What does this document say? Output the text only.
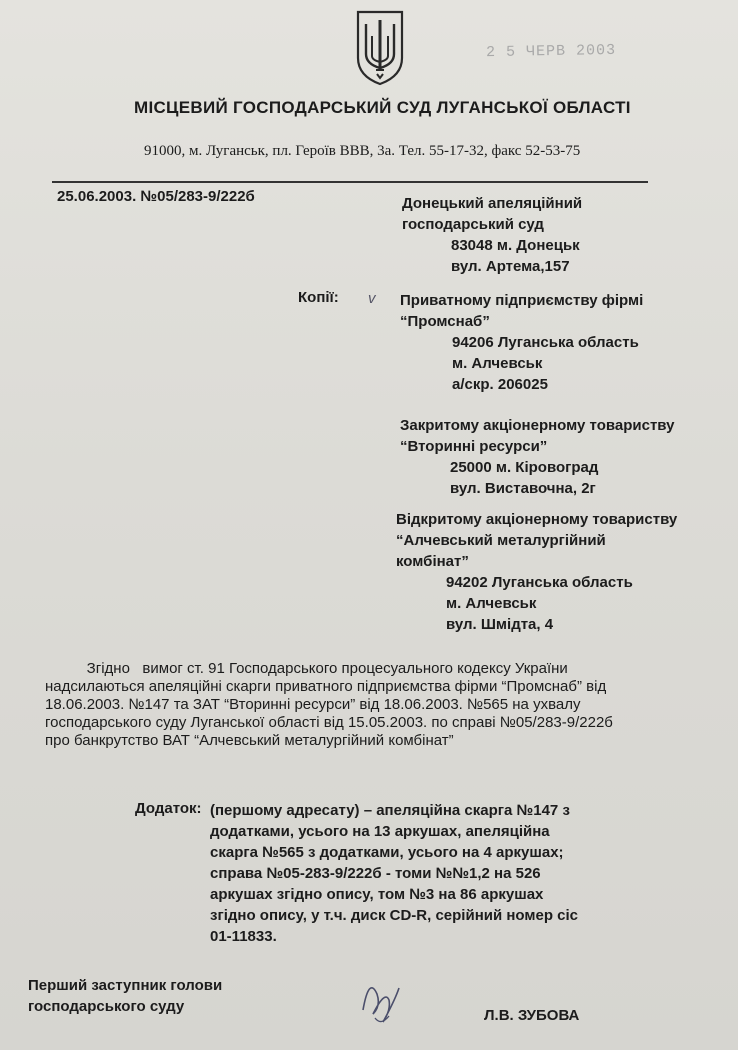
2 5 ЧЕРВ 2003
МІСЦЕВИЙ ГОСПОДАРСЬКИЙ СУД ЛУГАНСЬКОЇ ОБЛАСТІ
91000, м. Луганськ, пл. Героїв ВВВ, 3а. Тел. 55-17-32, факс 52-53-75
25.06.2003. №05/283-9/222б	Донецький апеляційний
господарський суд
83048 м. Донецьк
вул. Артема,157
Копії: v Приватному підприємству фірмі
“Промснаб”
94206 Луганська область
м. Алчевськ
а/скр. 206025
Закритому акціонерному товариству
“Вторинні ресурси”
25000 м. Кіровоград
вул. Виставочна, 2г
Відкритому акціонерному товариству
“Алчевський металургійний
комбінат”
94202 Луганська область
м. Алчевськ
вул. Шмідта, 4
Згідно   вимог ст. 91 Господарського процесуального кодексу України
надсилаються апеляційні скарги приватного підприємства фірми “Промснаб” від
18.06.2003. №147 та ЗАТ “Вторинні ресурси” від 18.06.2003. №565 на ухвалу
господарського суду Луганської області від 15.05.2003. по справі №05/283-9/222б
про банкрутство ВАТ “Алчевський металургійний комбінат”
Додаток: (першому адресату) – апеляційна скарга №147 з
додатками, усього на 13 аркушах, апеляційна
скарга №565 з додатками, усього на 4 аркушах;
справа №05-283-9/222б - томи №№1,2 на 526
аркушах згідно опису, том №3 на 86 аркушах
згідно опису, у т.ч. диск CD-R, серійний номер сіс
01-11833.
Перший заступник голови
господарського суду
Л.В. ЗУБОВА
